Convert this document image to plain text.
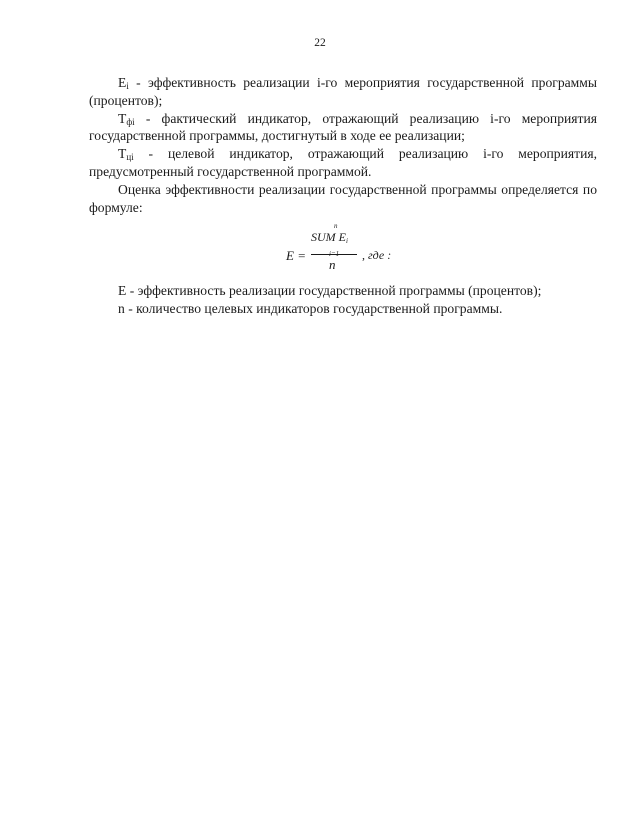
22

$E_i$ - эффективность реализации i-го мероприятия государственной программы (процентов);

$T_{фi}$ - фактический индикатор, отражающий реализацию i-го мероприятия государственной программы, достигнутый в ходе ее реализации;

$T_{цi}$ - целевой индикатор, отражающий реализацию i-го мероприятия, предусмотренный государственной программой.

Оценка эффективности реализации государственной программы определяется по формуле:

E =
n
SUM Ei
i=1
n
, где :

E - эффективность реализации государственной программы (процентов);

n - количество целевых индикаторов государственной программы.
